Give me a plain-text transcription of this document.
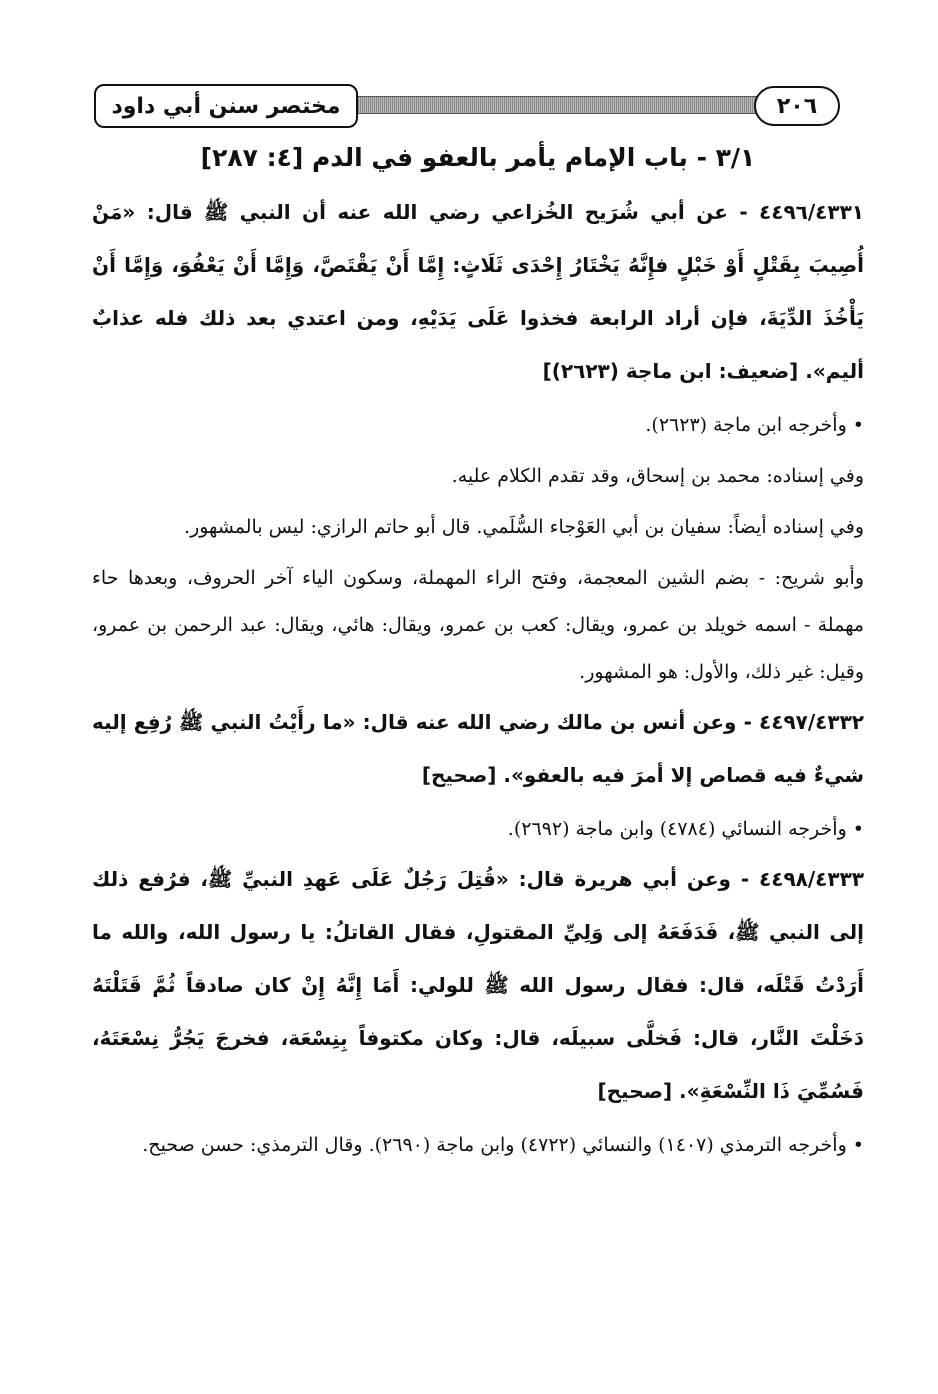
مختصر سنن أبي داود	٢٠٦
٣/١ - باب الإمام يأمر بالعفو في الدم [٤: ٢٨٧]

٤٤٩٦/٤٣٣١ - عن أبي شُرَيح الخُزاعي رضي الله عنه أن النبي ﷺ قال: «مَنْ أُصِيبَ بِقَتْلٍ أَوْ خَبْلٍ فإِنَّهُ يَخْتَارُ إِحْدَى ثَلَاثٍ: إِمَّا أَنْ يَقْتَصَّ، وَإِمَّا أَنْ يَعْفُوَ، وَإِمَّا أَنْ يَأْخُذَ الدِّيَةَ، فإن أراد الرابعة فخذوا عَلَى يَدَيْهِ، ومن اعتدي بعد ذلك فله عذابٌ أليم». [ضعيف: ابن ماجة (٢٦٢٣)]

• وأخرجه ابن ماجة (٢٦٢٣).

وفي إسناده: محمد بن إسحاق، وقد تقدم الكلام عليه.

وفي إسناده أيضاً: سفيان بن أبي العَوْجاء السُّلَمي. قال أبو حاتم الرازي: ليس بالمشهور.

وأبو شريح: - بضم الشين المعجمة، وفتح الراء المهملة، وسكون الياء آخر الحروف، وبعدها حاء مهملة - اسمه خويلد بن عمرو، ويقال: كعب بن عمرو، ويقال: هائي، ويقال: عبد الرحمن بن عمرو، وقيل: غير ذلك، والأول: هو المشهور.

٤٤٩٧/٤٣٣٢ - وعن أنس بن مالك رضي الله عنه قال: «ما رأَيْتُ النبي ﷺ رُفِع إليه شيءٌ فيه قصاص إلا أمرَ فيه بالعفو». [صحيح]

• وأخرجه النسائي (٤٧٨٤) وابن ماجة (٢٦٩٢).

٤٤٩٨/٤٣٣٣ - وعن أبي هريرة قال: «قُتِلَ رَجُلٌ عَلَى عَهدِ النبيِّ ﷺ، فرُفع ذلك إلى النبي ﷺ، فَدَفَعَهُ إلى وَلِيِّ المقتولِ، فقال القاتلُ: يا رسول الله، والله ما أَرَدْتُ قَتْلَه، قال: فقال رسول الله ﷺ للولي: أَمَا إِنَّهُ إِنْ كان صادقاً ثُمَّ قَتَلْتَهُ دَخَلْتَ النَّار، قال: فَخلَّى سبيلَه، قال: وكان مكتوفاً بِنِسْعَة، فخرجَ يَجُرُّ نِسْعَتَهُ، فَسُمِّيَ ذَا النِّسْعَةِ». [صحيح]

• وأخرجه الترمذي (١٤٠٧) والنسائي (٤٧٢٢) وابن ماجة (٢٦٩٠). وقال الترمذي: حسن صحيح.
